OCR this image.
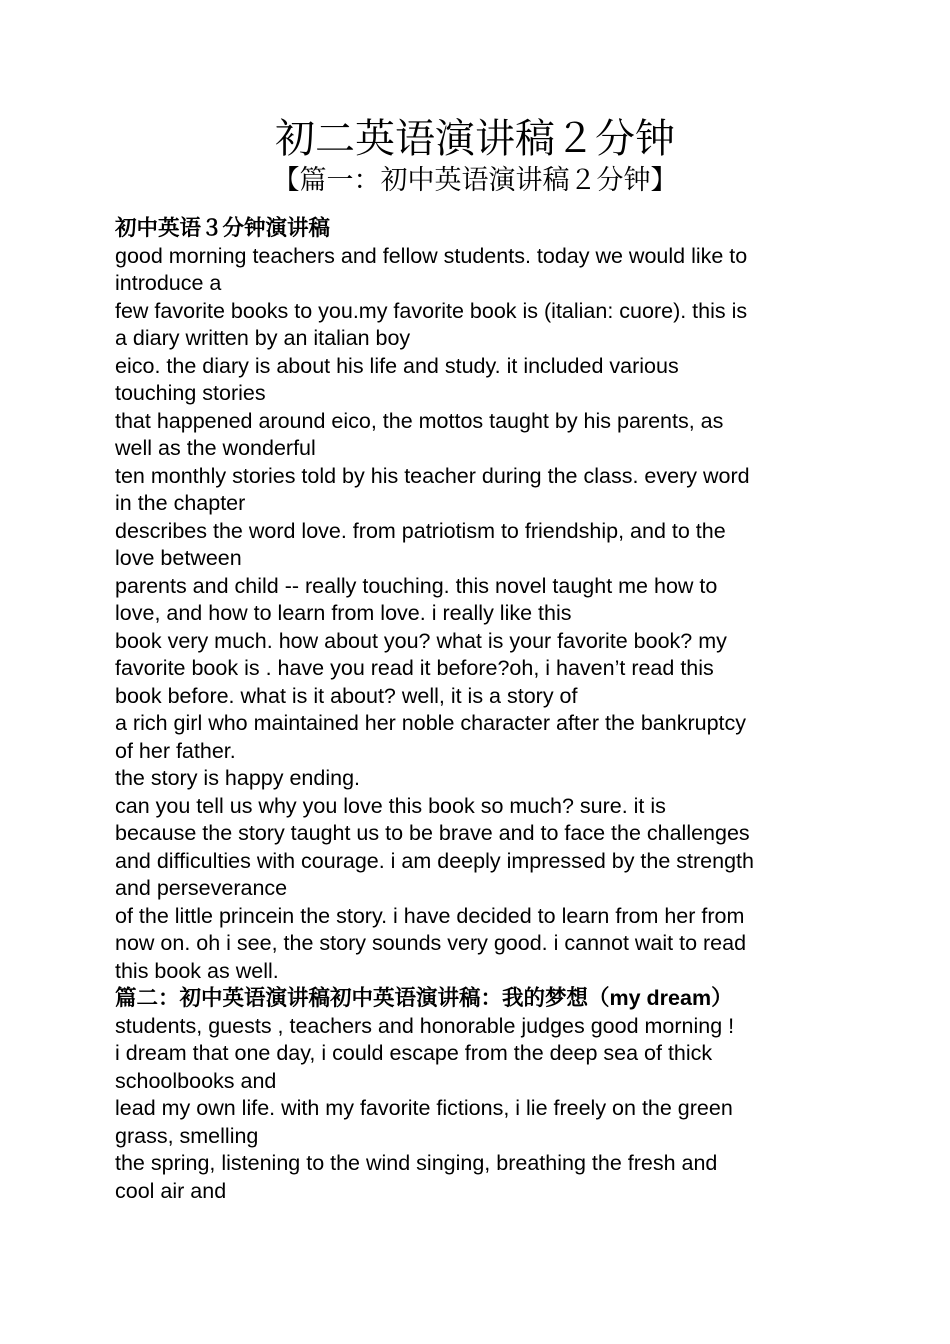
初二英语演讲稿２分钟
【篇一：初中英语演讲稿２分钟】
初中英语３分钟演讲稿
good morning teachers and fellow students. today we would like to
introduce a
few favorite books to you.my favorite book is (italian: cuore). this is
a diary written by an italian boy
eico. the diary is about his life and study. it included various
touching stories
that happened around eico, the mottos taught by his parents, as
well as the wonderful
ten monthly stories told by his teacher during the class. every word
in the chapter
describes the word love. from patriotism to friendship, and to the
love between
parents and child -- really touching. this novel taught me how to
love, and how to learn from love. i really like this
book very much. how about you? what is your favorite book? my
favorite book is . have you read it before?oh, i haven’t read this
book before. what is it about? well, it is a story of
a rich girl who maintained her noble character after the bankruptcy
of her father.
the story is happy ending.
can you tell us why you love this book so much? sure. it is
because the story taught us to be brave and to face the challenges
and difficulties with courage. i am deeply impressed by the strength
and perseverance
of the little princein the story. i have decided to learn from her from
now on. oh i see, the story sounds very good. i cannot wait to read
this book as well.
篇二：初中英语演讲稿初中英语演讲稿：我的梦想（my dream）
students, guests , teachers and honorable judges good morning !
i dream that one day, i could escape from the deep sea of thick
schoolbooks and
lead my own life. with my favorite fictions, i lie freely on the green
grass, smelling
the spring, listening to the wind singing, breathing the fresh and
cool air and
